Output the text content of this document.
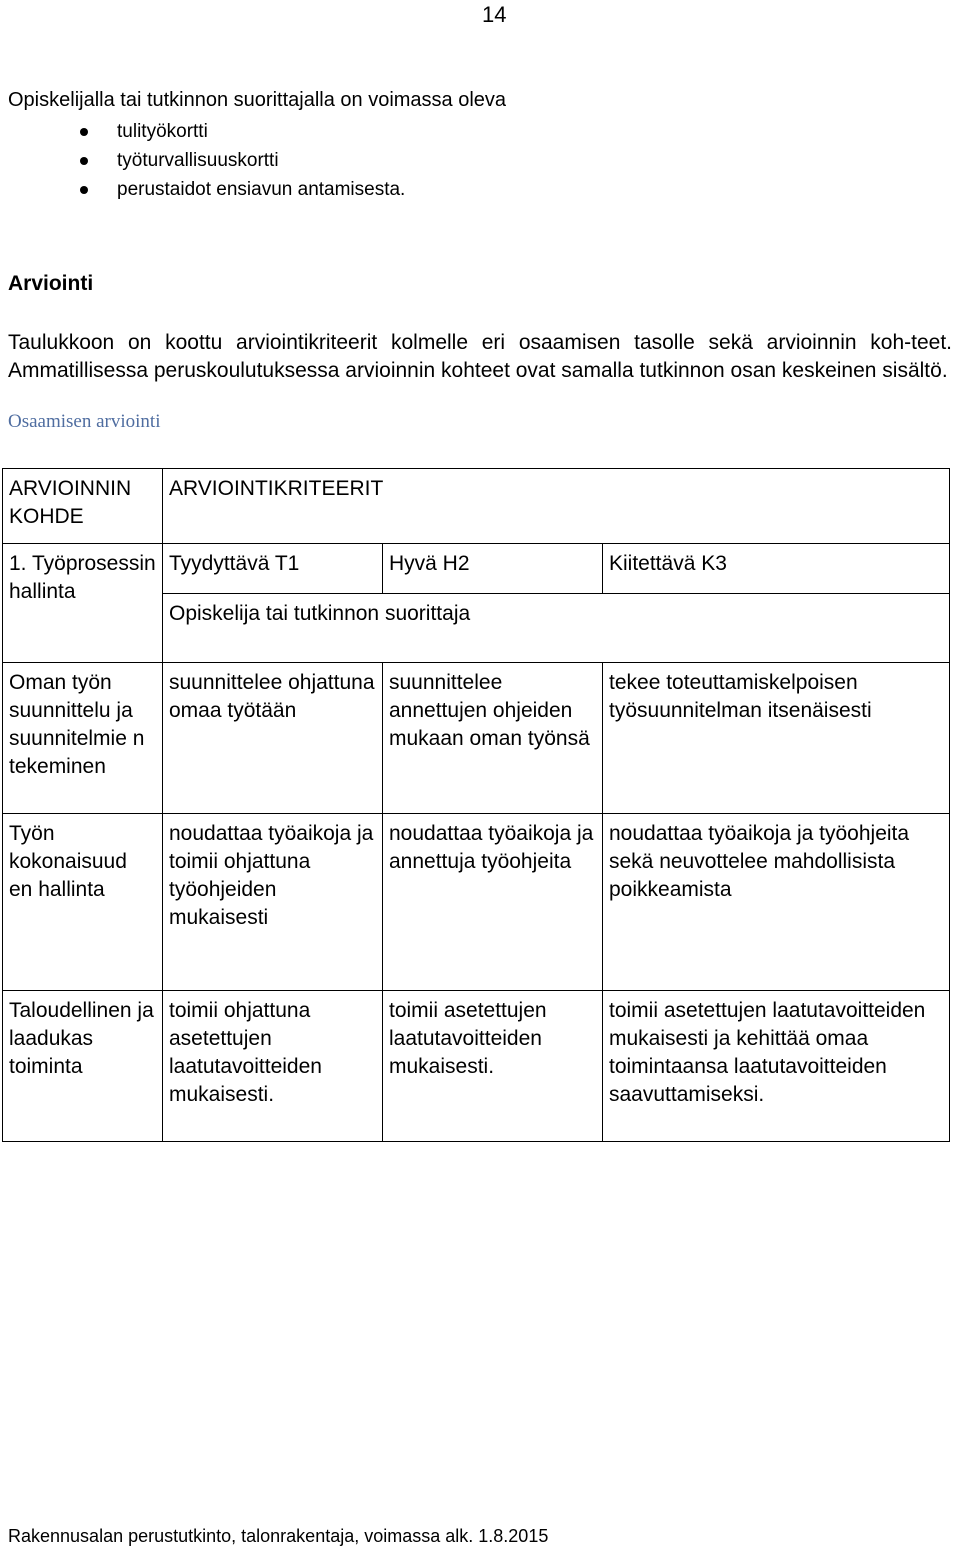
14
Opiskelijalla tai tutkinnon suorittajalla on voimassa oleva
tulityökortti
työturvallisuuskortti
perustaidot ensiavun antamisesta.
Arviointi
Taulukkoon on koottu arviointikriteerit kolmelle eri osaamisen tasolle sekä arvioinnin koh-teet. Ammatillisessa peruskoulutuksessa arvioinnin kohteet ovat samalla tutkinnon osan keskeinen sisältö.
Osaamisen arviointi
ARVIOINNIN KOHDE	ARVIOINTIKRITEERIT		
1. Työprosessin hallinta	Tyydyttävä T1	Hyvä H2	Kiitettävä K3
	Opiskelija tai tutkinnon suorittaja		
Oman työn suunnittelu ja suunnitelmie n tekeminen	suunnittelee ohjattuna omaa työtään	suunnittelee annettujen ohjeiden mukaan oman työnsä	tekee toteuttamiskelpoisen työsuunnitelman itsenäisesti
Työn kokonaisuud en hallinta	noudattaa työaikoja ja toimii ohjattuna työohjeiden mukaisesti	noudattaa työaikoja ja annettuja työohjeita	noudattaa työaikoja ja työohjeita sekä neuvottelee mahdollisista poikkeamista
Taloudellinen ja laadukas toiminta	toimii ohjattuna asetettujen laatutavoitteiden mukaisesti.	toimii asetettujen laatutavoitteiden mukaisesti.	toimii asetettujen laatutavoitteiden mukaisesti ja kehittää omaa toimintaansa laatutavoitteiden saavuttamiseksi.
Rakennusalan perustutkinto, talonrakentaja, voimassa alk. 1.8.2015
